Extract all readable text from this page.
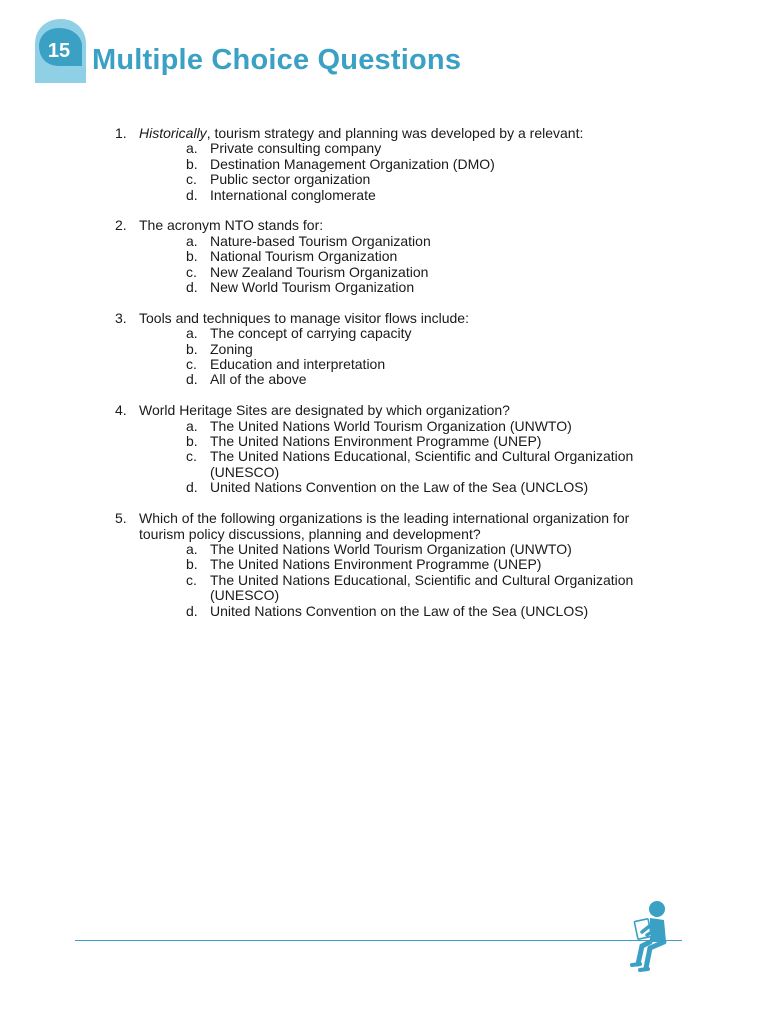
15 Multiple Choice Questions
1. Historically, tourism strategy and planning was developed by a relevant:
a. Private consulting company
b. Destination Management Organization (DMO)
c. Public sector organization
d. International conglomerate
2. The acronym NTO stands for:
a. Nature-based Tourism Organization
b. National Tourism Organization
c. New Zealand Tourism Organization
d. New World Tourism Organization
3. Tools and techniques to manage visitor flows include:
a. The concept of carrying capacity
b. Zoning
c. Education and interpretation
d. All of the above
4. World Heritage Sites are designated by which organization?
a. The United Nations World Tourism Organization (UNWTO)
b. The United Nations Environment Programme (UNEP)
c. The United Nations Educational, Scientific and Cultural Organization (UNESCO)
d. United Nations Convention on the Law of the Sea (UNCLOS)
5. Which of the following organizations is the leading international organization for tourism policy discussions, planning and development?
a. The United Nations World Tourism Organization (UNWTO)
b. The United Nations Environment Programme (UNEP)
c. The United Nations Educational, Scientific and Cultural Organization (UNESCO)
d. United Nations Convention on the Law of the Sea (UNCLOS)
